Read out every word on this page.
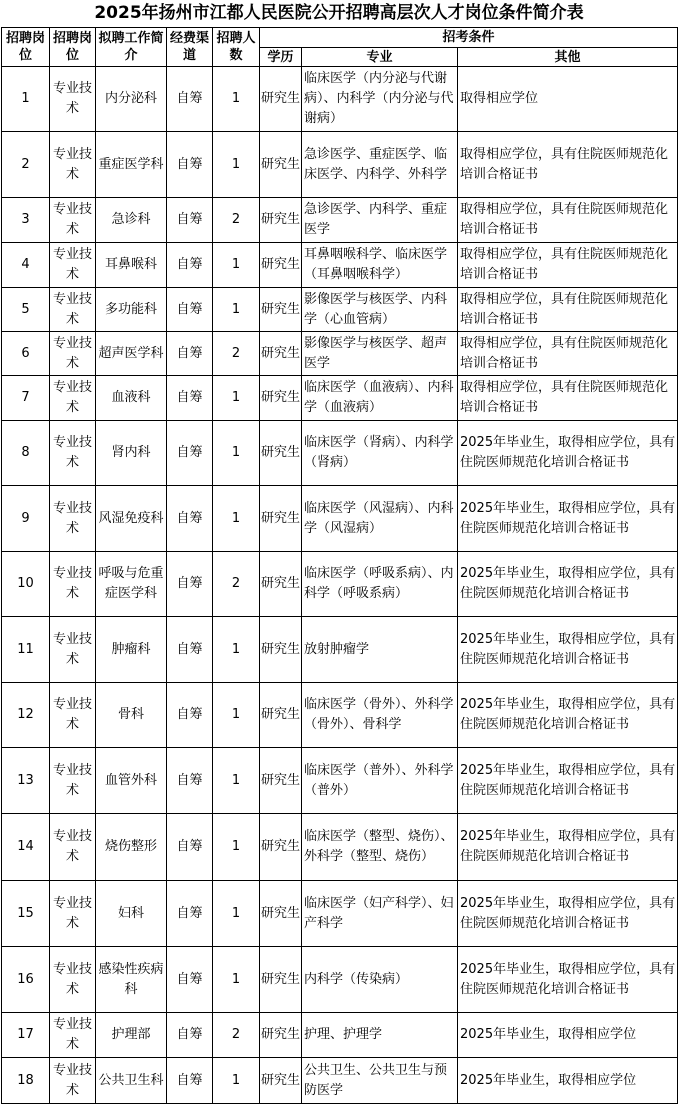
2025年扬州市江都人民医院公开招聘高层次人才岗位条件简介表
招聘岗位	招聘岗位	拟聘工作简介	经费渠道	招聘人数	招考条件		
					学历	专业	其他
1	专业技术	内分泌科	自筹	1	研究生	临床医学（内分泌与代谢病）、内科学（内分泌与代谢病）	取得相应学位
2	专业技术	重症医学科	自筹	1	研究生	急诊医学、重症医学、临床医学、内科学、外科学	取得相应学位，具有住院医师规范化培训合格证书
3	专业技术	急诊科	自筹	2	研究生	急诊医学、内科学、重症医学	取得相应学位，具有住院医师规范化培训合格证书
4	专业技术	耳鼻喉科	自筹	1	研究生	耳鼻咽喉科学、临床医学（耳鼻咽喉科学）	取得相应学位，具有住院医师规范化培训合格证书
5	专业技术	多功能科	自筹	1	研究生	影像医学与核医学、内科学（心血管病）	取得相应学位，具有住院医师规范化培训合格证书
6	专业技术	超声医学科	自筹	2	研究生	影像医学与核医学、超声医学	取得相应学位，具有住院医师规范化培训合格证书
7	专业技术	血液科	自筹	1	研究生	临床医学（血液病）、内科学（血液病）	取得相应学位，具有住院医师规范化培训合格证书
8	专业技术	肾内科	自筹	1	研究生	临床医学（肾病）、内科学（肾病）	2025年毕业生，取得相应学位，具有住院医师规范化培训合格证书
9	专业技术	风湿免疫科	自筹	1	研究生	临床医学（风湿病）、内科学（风湿病）	2025年毕业生，取得相应学位，具有住院医师规范化培训合格证书
10	专业技术	呼吸与危重症医学科	自筹	2	研究生	临床医学（呼吸系病）、内科学（呼吸系病）	2025年毕业生，取得相应学位，具有住院医师规范化培训合格证书
11	专业技术	肿瘤科	自筹	1	研究生	放射肿瘤学	2025年毕业生，取得相应学位，具有住院医师规范化培训合格证书
12	专业技术	骨科	自筹	1	研究生	临床医学（骨外）、外科学（骨外）、骨科学	2025年毕业生，取得相应学位，具有住院医师规范化培训合格证书
13	专业技术	血管外科	自筹	1	研究生	临床医学（普外）、外科学（普外）	2025年毕业生，取得相应学位，具有住院医师规范化培训合格证书
14	专业技术	烧伤整形	自筹	1	研究生	临床医学（整型、烧伤）、外科学（整型、烧伤）	2025年毕业生，取得相应学位，具有住院医师规范化培训合格证书
15	专业技术	妇科	自筹	1	研究生	临床医学（妇产科学）、妇产科学	2025年毕业生，取得相应学位，具有住院医师规范化培训合格证书
16	专业技术	感染性疾病科	自筹	1	研究生	内科学（传染病）	2025年毕业生，取得相应学位，具有住院医师规范化培训合格证书
17	专业技术	护理部	自筹	2	研究生	护理、护理学	2025年毕业生，取得相应学位
18	专业技术	公共卫生科	自筹	1	研究生	公共卫生、公共卫生与预防医学	2025年毕业生，取得相应学位
